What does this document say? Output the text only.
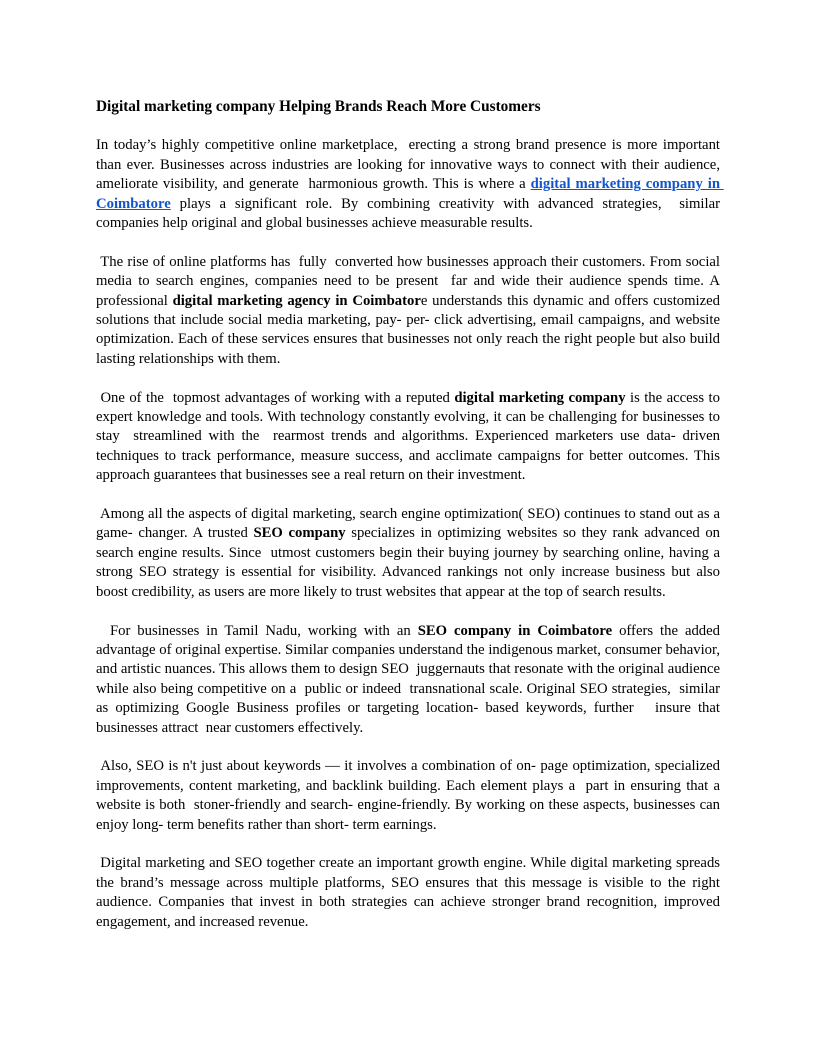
Digital marketing company Helping Brands Reach More Customers

In today’s highly competitive online marketplace,  erecting a strong brand presence is more important than ever. Businesses across industries are looking for innovative ways to connect with their audience, ameliorate visibility, and generate  harmonious growth. This is where a digital marketing company in Coimbatore plays a significant role. By combining creativity with advanced strategies,  similar companies help original and global businesses achieve measurable results.

The rise of online platforms has  fully  converted how businesses approach their customers. From social media to search engines, companies need to be present  far and wide their audience spends time. A professional digital marketing agency in Coimbatore understands this dynamic and offers customized solutions that include social media marketing, pay- per- click advertising, email campaigns, and website optimization. Each of these services ensures that businesses not only reach the right people but also build lasting relationships with them.

One of the  topmost advantages of working with a reputed digital marketing company is the access to expert knowledge and tools. With technology constantly evolving, it can be challenging for businesses to stay  streamlined with the  rearmost trends and algorithms. Experienced marketers use data- driven techniques to track performance, measure success, and acclimate campaigns for better outcomes. This approach guarantees that businesses see a real return on their investment.

Among all the aspects of digital marketing, search engine optimization( SEO) continues to stand out as a game- changer. A trusted SEO company specializes in optimizing websites so they rank advanced on search engine results. Since  utmost customers begin their buying journey by searching online, having a strong SEO strategy is essential for visibility. Advanced rankings not only increase business but also boost credibility, as users are more likely to trust websites that appear at the top of search results.

For businesses in Tamil Nadu, working with an SEO company in Coimbatore offers the added advantage of original expertise. Similar companies understand the indigenous market, consumer behavior, and artistic nuances. This allows them to design SEO  juggernauts that resonate with the original audience while also being competitive on a  public or indeed  transnational scale. Original SEO strategies,  similar as optimizing Google Business profiles or targeting location- based keywords, further   insure that businesses attract  near customers effectively.

Also, SEO is n't just about keywords — it involves a combination of on- page optimization, specialized improvements, content marketing, and backlink building. Each element plays a  part in ensuring that a website is both  stoner-friendly and search- engine-friendly. By working on these aspects, businesses can enjoy long- term benefits rather than short- term earnings.

Digital marketing and SEO together create an important growth engine. While digital marketing spreads the brand’s message across multiple platforms, SEO ensures that this message is visible to the right audience. Companies that invest in both strategies can achieve stronger brand recognition, improved engagement, and increased revenue.
